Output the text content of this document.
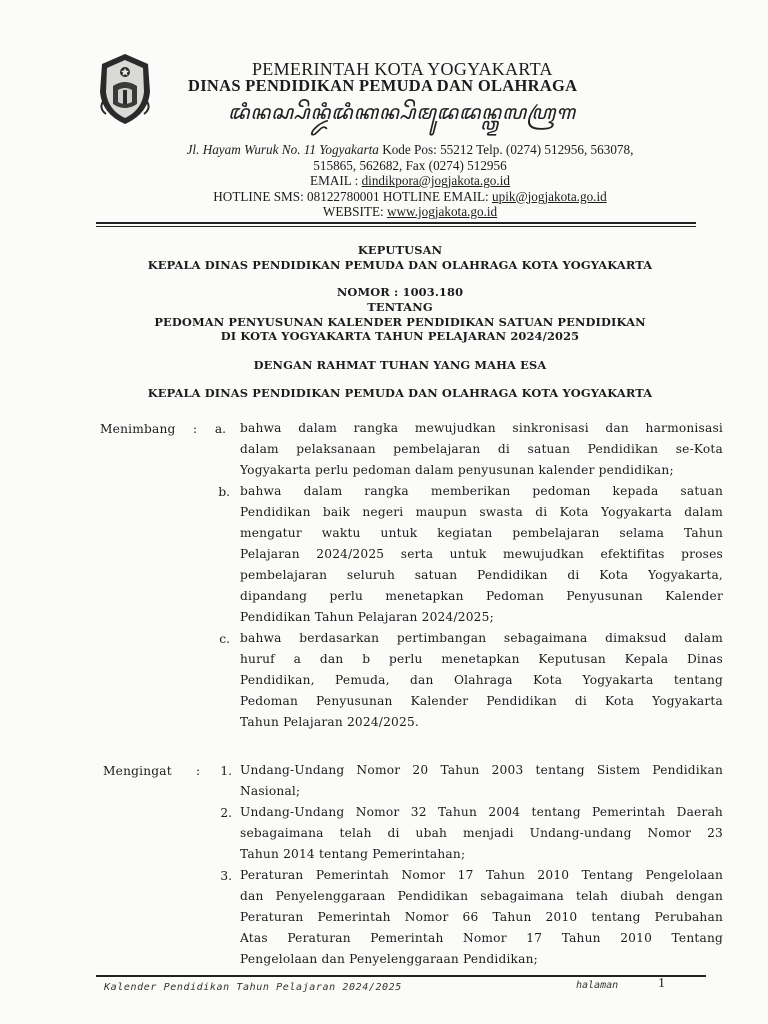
PEMERINTAH KOTA YOGYAKARTA
DINAS PENDIDIKAN PEMUDA DAN OLAHRAGA
ꦢꦶꦤꦱ꧀ꦥꦼꦤ꧀ꦢꦶꦢꦶꦏꦤ꧀ꦥꦼꦩꦸꦢꦢꦤ꧀ꦎꦭꦲꦿꦒ
Jl. Hayam Wuruk No. 11 Yogyakarta Kode Pos: 55212 Telp. (0274) 512956, 563078,
515865, 562682, Fax (0274) 512956
EMAIL : dindikpora@jogjakota.go.id
HOTLINE SMS: 08122780001 HOTLINE EMAIL: upik@jogjakota.go.id
WEBSITE: www.jogjakota.go.id
KEPUTUSAN
KEPALA DINAS PENDIDIKAN PEMUDA DAN OLAHRAGA KOTA YOGYAKARTA
NOMOR : 1003.180
TENTANG
PEDOMAN PENYUSUNAN KALENDER PENDIDIKAN SATUAN PENDIDIKAN
DI KOTA YOGYAKARTA TAHUN PELAJARAN 2024/2025
DENGAN RAHMAT TUHAN YANG MAHA ESA
KEPALA DINAS PENDIDIKAN PEMUDA DAN OLAHRAGA KOTA YOGYAKARTA
Menimbang :	a. bahwa dalam rangka mewujudkan sinkronisasi dan harmonisasi
dalam pelaksanaan pembelajaran di satuan Pendidikan se-Kota
Yogyakarta perlu pedoman dalam penyusunan kalender pendidikan;
b. bahwa dalam rangka memberikan pedoman kepada satuan
Pendidikan baik negeri maupun swasta di Kota Yogyakarta dalam
mengatur waktu untuk kegiatan pembelajaran selama Tahun
Pelajaran 2024/2025 serta untuk mewujudkan efektifitas proses
pembelajaran seluruh satuan Pendidikan di Kota Yogyakarta,
dipandang perlu menetapkan Pedoman Penyusunan Kalender
Pendidikan Tahun Pelajaran 2024/2025;
c. bahwa berdasarkan pertimbangan sebagaimana dimaksud dalam
huruf a dan b perlu menetapkan Keputusan Kepala Dinas
Pendidikan, Pemuda, dan Olahraga Kota Yogyakarta tentang
Pedoman Penyusunan Kalender Pendidikan di Kota Yogyakarta
Tahun Pelajaran 2024/2025.
Mengingat :	1. Undang-Undang Nomor 20 Tahun 2003 tentang Sistem Pendidikan
Nasional;
2. Undang-Undang Nomor 32 Tahun 2004 tentang Pemerintah Daerah
sebagaimana telah di ubah menjadi Undang-undang Nomor 23
Tahun 2014 tentang Pemerintahan;
3. Peraturan Pemerintah Nomor 17 Tahun 2010 Tentang Pengelolaan
dan Penyelenggaraan Pendidikan sebagaimana telah diubah dengan
Peraturan Pemerintah Nomor 66 Tahun 2010 tentang Perubahan
Atas Peraturan Pemerintah Nomor 17 Tahun 2010 Tentang
Pengelolaan dan Penyelenggaraan Pendidikan;
Kalender Pendidikan Tahun Pelajaran 2024/2025	halaman	1
